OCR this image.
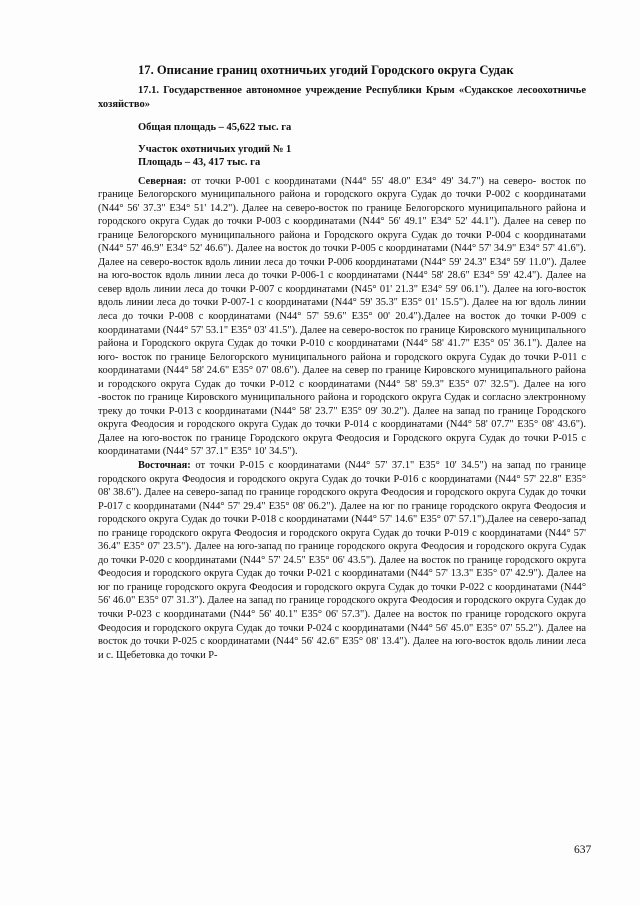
17. Описание границ охотничьих угодий Городского округа Судак
17.1. Государственное автономное учреждение Республики Крым «Судакское лесоохотничье хозяйство»
Общая площадь – 45,622 тыс. га
Участок охотничьих угодий № 1
Площадь – 43, 417 тыс. га

Северная: от точки Р-001 с координатами (N44° 55' 48.0" E34° 49' 34.7") на северо- восток по границе Белогорского муниципального района и городского округа Судак до точки Р-002 с координатами (N44° 56' 37.3" E34° 51' 14.2"). Далее на северо-восток по границе Белогорского муниципального района и городского округа Судак до точки Р-003 с координатами (N44° 56' 49.1" E34° 52' 44.1"). Далее на север по границе Белогорского муниципального района и Городского округа Судак до точки Р-004 с координатами (N44° 57' 46.9" E34° 52' 46.6"). Далее на восток до точки Р-005 с координатами (N44° 57' 34.9" E34° 57' 41.6"). Далее на северо-восток вдоль линии леса до точки Р-006 координатами (N44° 59' 24.3" E34° 59' 11.0"). Далее на юго-восток вдоль линии леса до точки Р-006-1 с координатами (N44° 58' 28.6" E34° 59' 42.4"). Далее на север вдоль линии леса до точки Р-007 с координатами (N45° 01' 21.3" E34° 59' 06.1"). Далее на юго-восток вдоль линии леса до точки Р-007-1 с координатами (N44° 59' 35.3" E35° 01' 15.5"). Далее на юг вдоль линии леса до точки Р-008 с координатами (N44° 57' 59.6" E35° 00' 20.4").Далее на восток до точки Р-009 с координатами (N44° 57' 53.1" E35° 03' 41.5"). Далее на северо-восток по границе Кировского муниципального района и Городского округа Судак до точки Р-010 с координатами (N44° 58' 41.7" E35° 05' 36.1"). Далее на юго- восток по границе Белогорского муниципального района и городского округа Судак до точки Р-011 с координатами (N44° 58' 24.6" E35° 07' 08.6"). Далее на север по границе Кировского муниципального района и городского округа Судак до точки Р-012 с координатами (N44° 58' 59.3" E35° 07' 32.5"). Далее на юго -восток по границе Кировского муниципального района и городского округа Судак и согласно электронному треку до точки Р-013 с координатами (N44° 58' 23.7" E35° 09' 30.2"). Далее на запад по границе Городского округа Феодосия и городского округа Судак до точки Р-014 с координатами (N44° 58' 07.7" E35° 08' 43.6"). Далее на юго-восток по границе Городского округа Феодосия и Городского округа Судак до точки Р-015 с координатами (N44° 57' 37.1" E35° 10' 34.5").

Восточная: от точки Р-015 с координатами (N44° 57' 37.1" E35° 10' 34.5") на запад по границе городского округа Феодосия и городского округа Судак до точки Р-016 с координатами (N44° 57' 22.8" E35° 08' 38.6"). Далее на северо-запад по границе городского округа Феодосия и городского округа Судак до точки Р-017 с координатами (N44° 57' 29.4" E35° 08' 06.2"). Далее на юг по границе городского округа Феодосия и городского округа Судак до точки Р-018 с координатами (N44° 57' 14.6" E35° 07' 57.1").Далее на северо-запад по границе городского округа Феодосия и городского округа Судак до точки Р-019 с координатами (N44° 57' 36.4" E35° 07' 23.5"). Далее на юго-запад по границе городского округа Феодосия и городского округа Судак до точки Р-020 с координатами (N44° 57' 24.5" E35° 06' 43.5"). Далее на восток по границе городского округа Феодосия и городского округа Судак до точки Р-021 с координатами (N44° 57' 13.3" E35° 07' 42.9"). Далее на юг по границе городского округа Феодосия и городского округа Судак до точки Р-022 с координатами (N44° 56' 46.0" E35° 07' 31.3"). Далее на запад по границе городского округа Феодосия и городского округа Судак до точки Р-023 с координатами (N44° 56' 40.1" E35° 06' 57.3"). Далее на восток по границе городского округа Феодосия и городского округа Судак до точки Р-024 с координатами (N44° 56' 45.0" E35° 07' 55.2"). Далее на восток до точки Р-025 с координатами (N44° 56' 42.6" E35° 08' 13.4"). Далее на юго-восток вдоль линии леса и с. Щебетовка до точки Р-

637
